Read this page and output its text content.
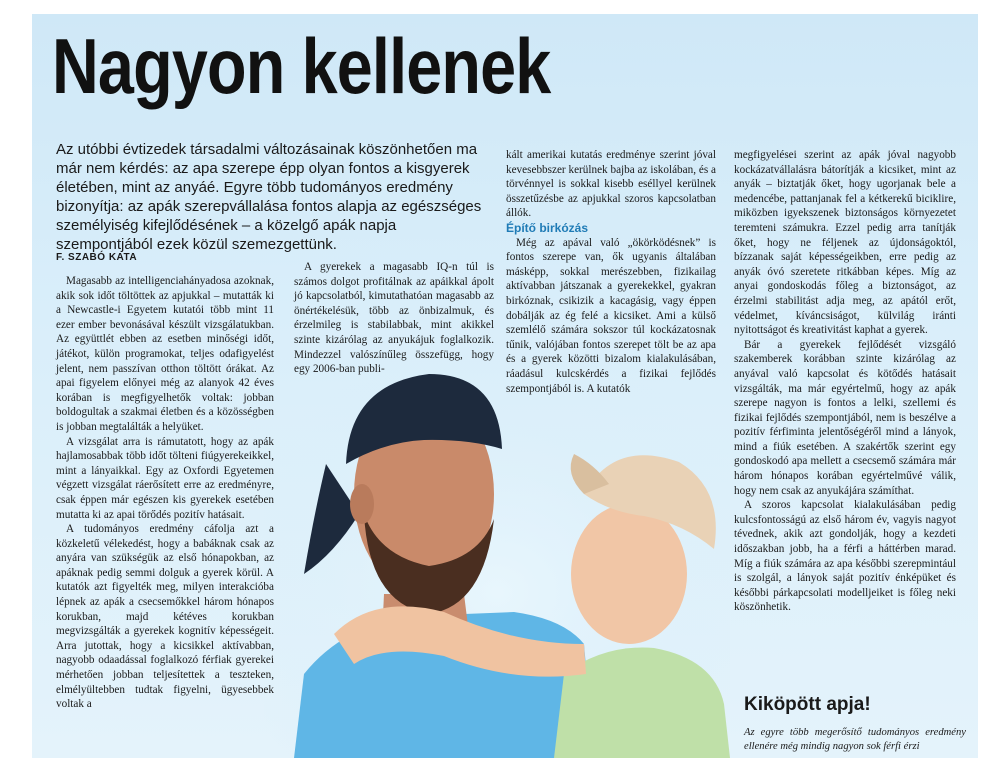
Nagyon kellenek

Az utóbbi évtizedek társadalmi változásainak köszönhetően ma már nem kérdés: az apa szerepe épp olyan fontos a kisgyerek életében, mint az anyáé. Egyre több tudományos eredmény bizonyítja: az apák szerepvállalása fontos alapja az egészséges személyiség kifejlődésének – a közelgő apák napja szempontjából ezek közül szemezgettünk.

F. SZABÓ KATA

Magasabb az intelligenciahányadosa azoknak, akik sok időt töltöttek az apjukkal – mutatták ki a Newcastle-i Egyetem kutatói több mint 11 ezer ember bevonásával készült vizsgálatukban. Az együttlét ebben az esetben minőségi időt, játékot, külön programokat, teljes odafigyelést jelent, nem passzívan otthon töltött órákat. Az apai figyelem előnyei még az alanyok 42 éves korában is megfigyelhetők voltak: jobban boldogultak a szakmai életben és a közösségben is jobban megtalálták a helyüket.

A vizsgálat arra is rámutatott, hogy az apák hajlamosabbak több időt tölteni fiúgyerekeikkel, mint a lányaikkal. Egy az Oxfordi Egyetemen végzett vizsgálat ráerősített erre az eredményre, csak éppen már egészen kis gyerekek esetében mutatta ki az apai törődés pozitív hatásait.

A tudományos eredmény cáfolja azt a közkeletű vélekedést, hogy a babáknak csak az anyára van szükségük az első hónapokban, az apáknak pedig semmi dolguk a gyerek körül. A kutatók azt figyelték meg, milyen interakcióba lépnek az apák a csecsemőkkel három hónapos korukban, majd kétéves korukban megvizsgálták a gyerekek kognitív képességeit. Arra jutottak, hogy a kicsikkel aktívabban, nagyobb odaadással foglalkozó férfiak gyerekei mérhetően jobban teljesítettek a teszteken, elmélyültebben tudtak figyelni, ügyesebbek voltak a

A gyerekek a magasabb IQ-n túl is számos dolgot profitálnak az apáikkal ápolt jó kapcsolatból, kimutathatóan magasabb az önértékelésük, több az önbizalmuk, és érzelmileg is stabilabbak, mint akikkel szinte kizárólag az anyukájuk foglalkozik. Mindezzel valószínűleg összefügg, hogy egy 2006-ban publi-

kált amerikai kutatás eredménye szerint jóval kevesebbszer kerülnek bajba az iskolában, és a törvénnyel is sokkal kisebb eséllyel kerülnek összetűzésbe az apjukkal szoros kapcsolatban állók.

Építő birkózás

Még az apával való „ökörködésnek” is fontos szerepe van, ők ugyanis általában másképp, sokkal merészebben, fizikailag aktívabban játszanak a gyerekekkel, gyakran birkóznak, csikizik a kacagásig, vagy éppen dobálják az ég felé a kicsiket. Ami a külső szemlélő számára sokszor túl kockázatosnak tűnik, valójában fontos szerepet tölt be az apa és a gyerek közötti bizalom kialakulásában, ráadásul kulcskérdés a fizikai fejlődés szempontjából is. A kutatók

megfigyelései szerint az apák jóval nagyobb kockázatvállalásra bátorítják a kicsiket, mint az anyák – biztatják őket, hogy ugorjanak bele a medencébe, pattanjanak fel a kétkerekű biciklire, miközben igyekszenek biztonságos környezetet teremteni számukra. Ezzel pedig arra tanítják őket, hogy ne féljenek az újdonságoktól, bízzanak saját képességeikben, erre pedig az anyák óvó szeretete ritkábban képes. Míg az anyai gondoskodás főleg a biztonságot, az érzelmi stabilitást adja meg, az apától erőt, védelmet, kíváncsiságot, külvilág iránti nyitottságot és kreativitást kaphat a gyerek.

Bár a gyerekek fejlődését vizsgáló szakemberek korábban szinte kizárólag az anyával való kapcsolat és kötődés hatásait vizsgálták, ma már egyértelmű, hogy az apák szerepe nagyon is fontos a lelki, szellemi és fizikai fejlődés szempontjából, nem is beszélve a pozitív férfiminta jelentőségéről mind a lányok, mind a fiúk esetében. A szakértők szerint egy gondoskodó apa mellett a csecsemő számára már három hónapos korában egyértelművé válik, hogy nem csak az anyukájára számíthat.

A szoros kapcsolat kialakulásában pedig kulcsfontosságú az első három év, vagyis nagyot tévednek, akik azt gondolják, hogy a kezdeti időszakban jobb, ha a férfi a háttérben marad. Míg a fiúk számára az apa későbbi szerepmintául is szolgál, a lányok saját pozitív énképüket és későbbi párkapcsolati modelljeiket is főleg neki köszönhetik.

Kiköpött apja!
Az egyre több megerősítő tudományos eredmény ellenére még mindig nagyon sok férfi érzi
